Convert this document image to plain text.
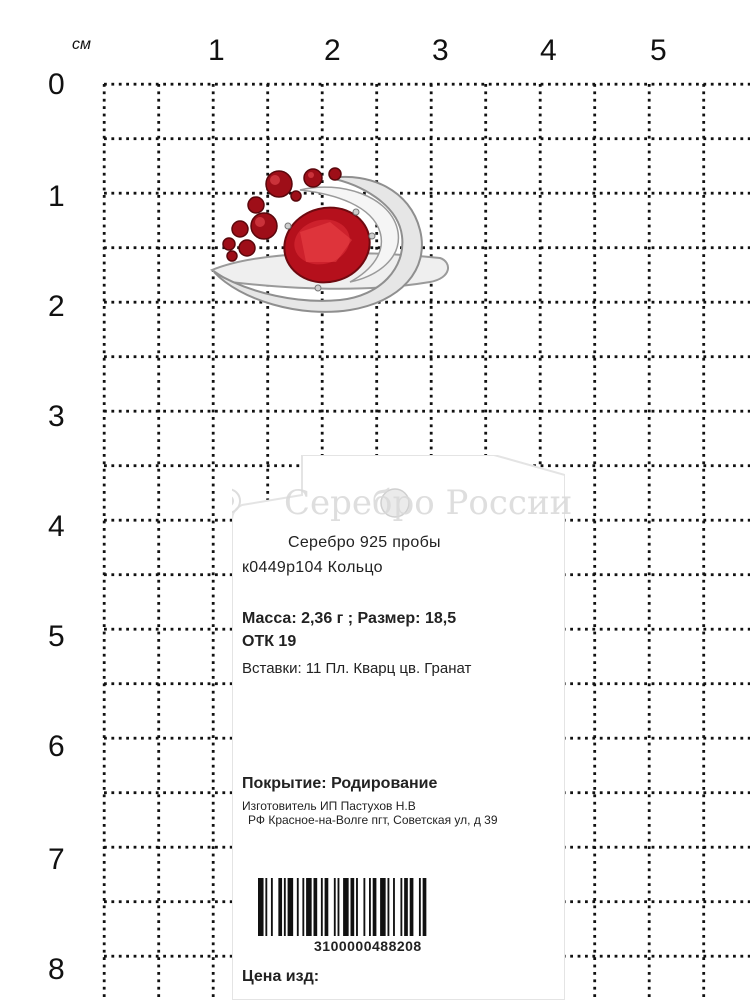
см	1	2	3	4	5
0
1
2
3
4
5
6
7
8
Серебро России
Серебро 925 пробы
к0449р104 Кольцо
Масса: 2,36 г ; Размер: 18,5
ОТК 19
Вставки: 11 Пл. Кварц цв. Гранат
Покрытие: Родирование
Изготовитель ИП Пастухов Н.В
РФ Красное-на-Волге пгт, Советская ул, д 39
3100000488208
Цена изд:
